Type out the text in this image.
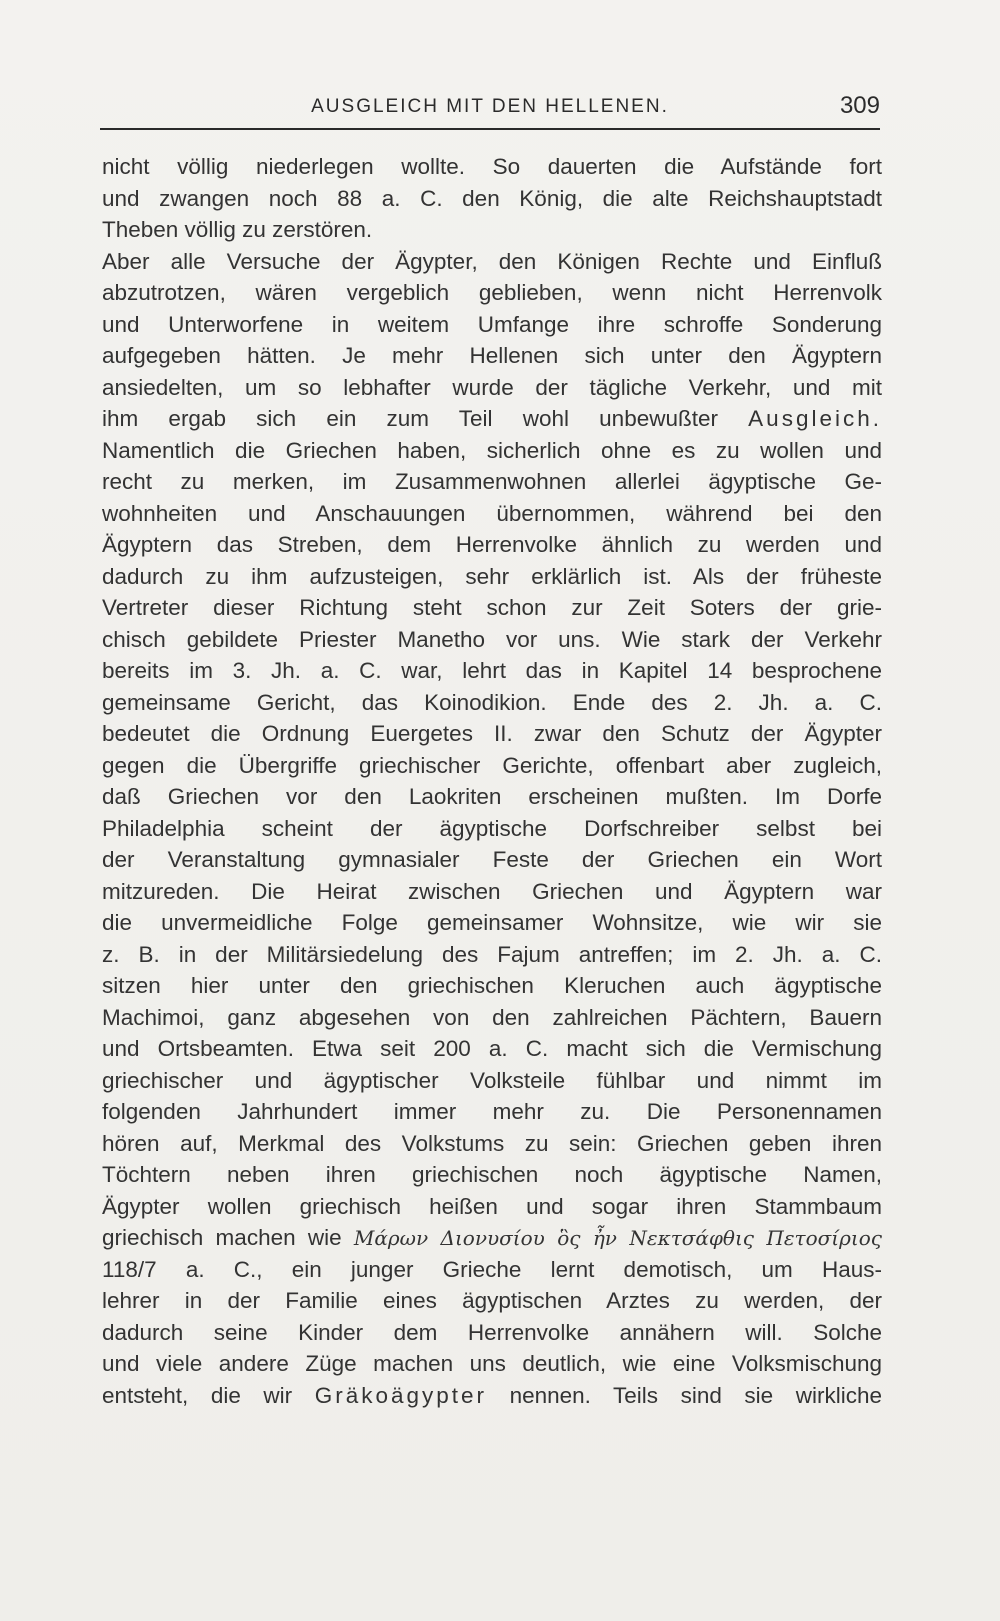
AUSGLEICH MIT DEN HELLENEN.	309
nicht völlig niederlegen wollte. So dauerten die Aufstände fort
und zwangen noch 88 a. C. den König, die alte Reichshauptstadt
Theben völlig zu zerstören.
Aber alle Versuche der Ägypter, den Königen Rechte und Einfluß
abzutrotzen, wären vergeblich geblieben, wenn nicht Herrenvolk
und Unterworfene in weitem Umfange ihre schroffe Sonderung
aufgegeben hätten. Je mehr Hellenen sich unter den Ägyptern
ansiedelten, um so lebhafter wurde der tägliche Verkehr, und mit
ihm ergab sich ein zum Teil wohl unbewußter Ausgleich.
Namentlich die Griechen haben, sicherlich ohne es zu wollen und
recht zu merken, im Zusammenwohnen allerlei ägyptische Ge-
wohnheiten und Anschauungen übernommen, während bei den
Ägyptern das Streben, dem Herrenvolke ähnlich zu werden und
dadurch zu ihm aufzusteigen, sehr erklärlich ist. Als der früheste
Vertreter dieser Richtung steht schon zur Zeit Soters der grie-
chisch gebildete Priester Manetho vor uns. Wie stark der Verkehr
bereits im 3. Jh. a. C. war, lehrt das in Kapitel 14 besprochene
gemeinsame Gericht, das Koinodikion. Ende des 2. Jh. a. C.
bedeutet die Ordnung Euergetes II. zwar den Schutz der Ägypter
gegen die Übergriffe griechischer Gerichte, offenbart aber zugleich,
daß Griechen vor den Laokriten erscheinen mußten. Im Dorfe
Philadelphia scheint der ägyptische Dorfschreiber selbst bei
der Veranstaltung gymnasialer Feste der Griechen ein Wort
mitzureden. Die Heirat zwischen Griechen und Ägyptern war
die unvermeidliche Folge gemeinsamer Wohnsitze, wie wir sie
z. B. in der Militärsiedelung des Fajum antreffen; im 2. Jh. a. C.
sitzen hier unter den griechischen Kleruchen auch ägyptische
Machimoi, ganz abgesehen von den zahlreichen Pächtern, Bauern
und Ortsbeamten. Etwa seit 200 a. C. macht sich die Vermischung
griechischer und ägyptischer Volksteile fühlbar und nimmt im
folgenden Jahrhundert immer mehr zu. Die Personennamen
hören auf, Merkmal des Volkstums zu sein: Griechen geben ihren
Töchtern neben ihren griechischen noch ägyptische Namen,
Ägypter wollen griechisch heißen und sogar ihren Stammbaum
griechisch machen wie Μάρων Διονυσίου ὃς ἦν Νεκτσάφθις Πετοσίριος
118/7 a. C., ein junger Grieche lernt demotisch, um Haus-
lehrer in der Familie eines ägyptischen Arztes zu werden, der
dadurch seine Kinder dem Herrenvolke annähern will. Solche
und viele andere Züge machen uns deutlich, wie eine Volksmischung
entsteht, die wir Gräkoägypter nennen. Teils sind sie wirkliche
